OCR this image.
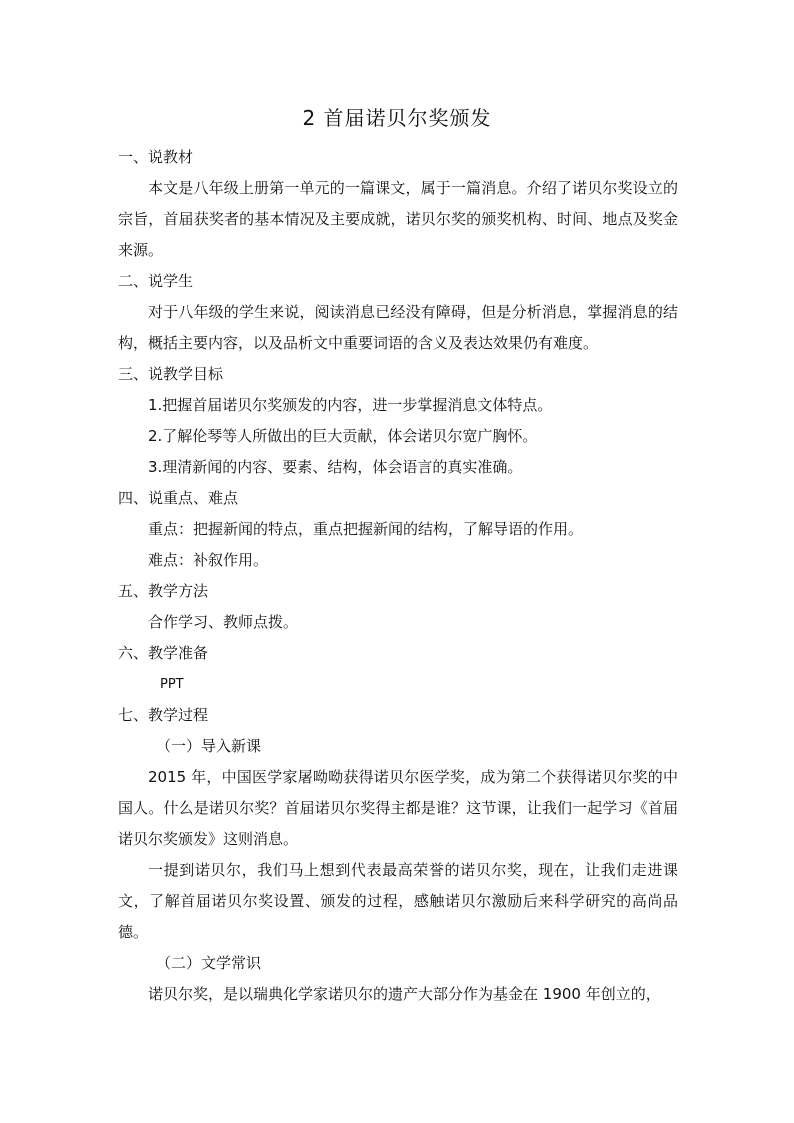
2 首届诺贝尔奖颁发
一、说教材
本文是八年级上册第一单元的一篇课文，属于一篇消息。介绍了诺贝尔奖设立的宗旨，首届获奖者的基本情况及主要成就，诺贝尔奖的颁奖机构、时间、地点及奖金来源。
二、说学生
对于八年级的学生来说，阅读消息已经没有障碍，但是分析消息，掌握消息的结构，概括主要内容，以及品析文中重要词语的含义及表达效果仍有难度。
三、说教学目标
1.把握首届诺贝尔奖颁发的内容，进一步掌握消息文体特点。
2.了解伦琴等人所做出的巨大贡献，体会诺贝尔宽广胸怀。
3.理清新闻的内容、要素、结构，体会语言的真实准确。
四、说重点、难点
重点：把握新闻的特点，重点把握新闻的结构，了解导语的作用。
难点：补叙作用。
五、教学方法
合作学习、教师点拨。
六、教学准备
PPT
七、教学过程
（一）导入新课
2015 年，中国医学家屠呦呦获得诺贝尔医学奖，成为第二个获得诺贝尔奖的中国人。什么是诺贝尔奖？首届诺贝尔奖得主都是谁？这节课，让我们一起学习《首届诺贝尔奖颁发》这则消息。
一提到诺贝尔，我们马上想到代表最高荣誉的诺贝尔奖，现在，让我们走进课文，了解首届诺贝尔奖设置、颁发的过程，感触诺贝尔激励后来科学研究的高尚品德。
（二）文学常识
诺贝尔奖，是以瑞典化学家诺贝尔的遗产大部分作为基金在 1900 年创立的，
